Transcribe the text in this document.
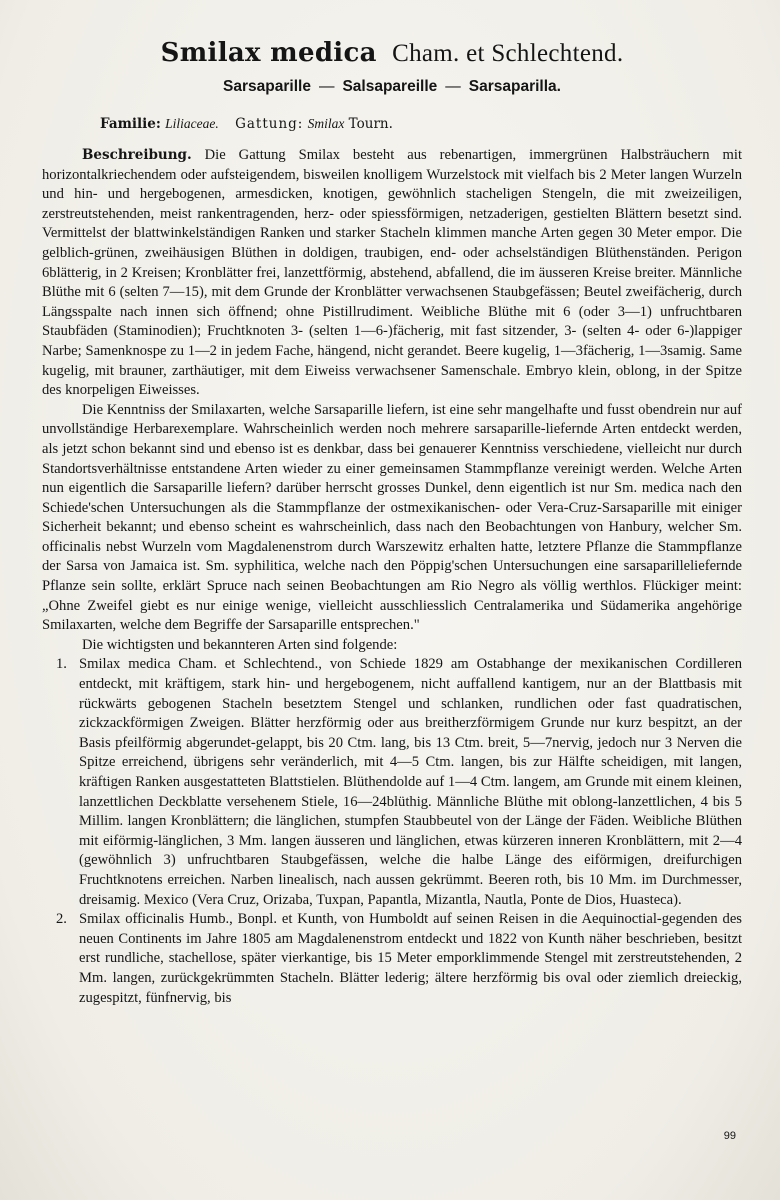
Smilax medica Cham. et Schlechtend.
Sarsaparille — Salsapareille — Sarsaparilla.
Familie: Liliaceae. Gattung: Smilax Tourn.

Beschreibung. Die Gattung Smilax besteht aus rebenartigen, immergrünen Halbsträuchern mit horizontalkriechendem oder aufsteigendem, bisweilen knolligem Wurzelstock mit vielfach bis 2 Meter langen Wurzeln und hin- und hergebogenen, armesdicken, knotigen, gewöhnlich stacheligen Stengeln, die mit zweizeiligen, zerstreutstehenden, meist rankentragenden, herz- oder spiessförmigen, netzaderigen, gestielten Blättern besetzt sind. Vermittelst der blattwinkelständigen Ranken und starker Stacheln klimmen manche Arten gegen 30 Meter empor. Die gelblich-grünen, zweihäusigen Blüthen in doldigen, traubigen, end- oder achselständigen Blüthenständen. Perigon 6blätterig, in 2 Kreisen; Kronblätter frei, lanzettförmig, abstehend, abfallend, die im äusseren Kreise breiter. Männliche Blüthe mit 6 (selten 7—15), mit dem Grunde der Kronblätter verwachsenen Staubgefässen; Beutel zweifächerig, durch Längsspalte nach innen sich öffnend; ohne Pistillrudiment. Weibliche Blüthe mit 6 (oder 3—1) unfruchtbaren Staubfäden (Staminodien); Fruchtknoten 3- (selten 1—6-)fächerig, mit fast sitzender, 3- (selten 4- oder 6-)lappiger Narbe; Samenknospe zu 1—2 in jedem Fache, hängend, nicht gerandet. Beere kugelig, 1—3fächerig, 1—3samig. Same kugelig, mit brauner, zarthäutiger, mit dem Eiweiss verwachsener Samenschale. Embryo klein, oblong, in der Spitze des knorpeligen Eiweisses.

Die Kenntniss der Smilaxarten, welche Sarsaparille liefern, ist eine sehr mangelhafte und fusst obendrein nur auf unvollständige Herbarexemplare. Wahrscheinlich werden noch mehrere sarsaparille-liefernde Arten entdeckt werden, als jetzt schon bekannt sind und ebenso ist es denkbar, dass bei genauerer Kenntniss verschiedene, vielleicht nur durch Standortsverhältnisse entstandene Arten wieder zu einer gemeinsamen Stammpflanze vereinigt werden. Welche Arten nun eigentlich die Sarsaparille liefern? darüber herrscht grosses Dunkel, denn eigentlich ist nur Sm. medica nach den Schiede'schen Untersuchungen als die Stammpflanze der ostmexikanischen- oder Vera-Cruz-Sarsaparille mit einiger Sicherheit bekannt; und ebenso scheint es wahrscheinlich, dass nach den Beobachtungen von Hanbury, welcher Sm. officinalis nebst Wurzeln vom Magdalenenstrom durch Warszewitz erhalten hatte, letztere Pflanze die Stammpflanze der Sarsa von Jamaica ist. Sm. syphilitica, welche nach den Pöppig'schen Untersuchungen eine sarsaparilleliefernde Pflanze sein sollte, erklärt Spruce nach seinen Beobachtungen am Rio Negro als völlig werthlos. Flückiger meint: „Ohne Zweifel giebt es nur einige wenige, vielleicht ausschliesslich Centralamerika und Südamerika angehörige Smilaxarten, welche dem Begriffe der Sarsaparille entsprechen."

Die wichtigsten und bekannteren Arten sind folgende:

1. Smilax medica Cham. et Schlechtend., von Schiede 1829 am Ostabhange der mexikanischen Cordilleren entdeckt, mit kräftigem, stark hin- und hergebogenem, nicht auffallend kantigem, nur an der Blattbasis mit rückwärts gebogenen Stacheln besetztem Stengel und schlanken, rundlichen oder fast quadratischen, zickzackförmigen Zweigen. Blätter herzförmig oder aus breitherzförmigem Grunde nur kurz bespitzt, an der Basis pfeilförmig abgerundet-gelappt, bis 20 Ctm. lang, bis 13 Ctm. breit, 5—7nervig, jedoch nur 3 Nerven die Spitze erreichend, übrigens sehr veränderlich, mit 4—5 Ctm. langen, bis zur Hälfte scheidigen, mit langen, kräftigen Ranken ausgestatteten Blattstielen. Blüthendolde auf 1—4 Ctm. langem, am Grunde mit einem kleinen, lanzettlichen Deckblatte versehenem Stiele, 16—24blüthig. Männliche Blüthe mit oblong-lanzettlichen, 4 bis 5 Millim. langen Kronblättern; die länglichen, stumpfen Staubbeutel von der Länge der Fäden. Weibliche Blüthen mit eiförmig-länglichen, 3 Mm. langen äusseren und länglichen, etwas kürzeren inneren Kronblättern, mit 2—4 (gewöhnlich 3) unfruchtbaren Staubgefässen, welche die halbe Länge des eiförmigen, dreifurchigen Fruchtknotens erreichen. Narben linealisch, nach aussen gekrümmt. Beeren roth, bis 10 Mm. im Durchmesser, dreisamig. Mexico (Vera Cruz, Orizaba, Tuxpan, Papantla, Mizantla, Nautla, Ponte de Dios, Huasteca).
2. Smilax officinalis Humb., Bonpl. et Kunth, von Humboldt auf seinen Reisen in die Aequinoctial-gegenden des neuen Continents im Jahre 1805 am Magdalenenstrom entdeckt und 1822 von Kunth näher beschrieben, besitzt erst rundliche, stachellose, später vierkantige, bis 15 Meter emporklimmende Stengel mit zerstreutstehenden, 2 Mm. langen, zurückgekrümmten Stacheln. Blätter lederig; ältere herzförmig bis oval oder ziemlich dreieckig, zugespitzt, fünfnervig, bis
99
